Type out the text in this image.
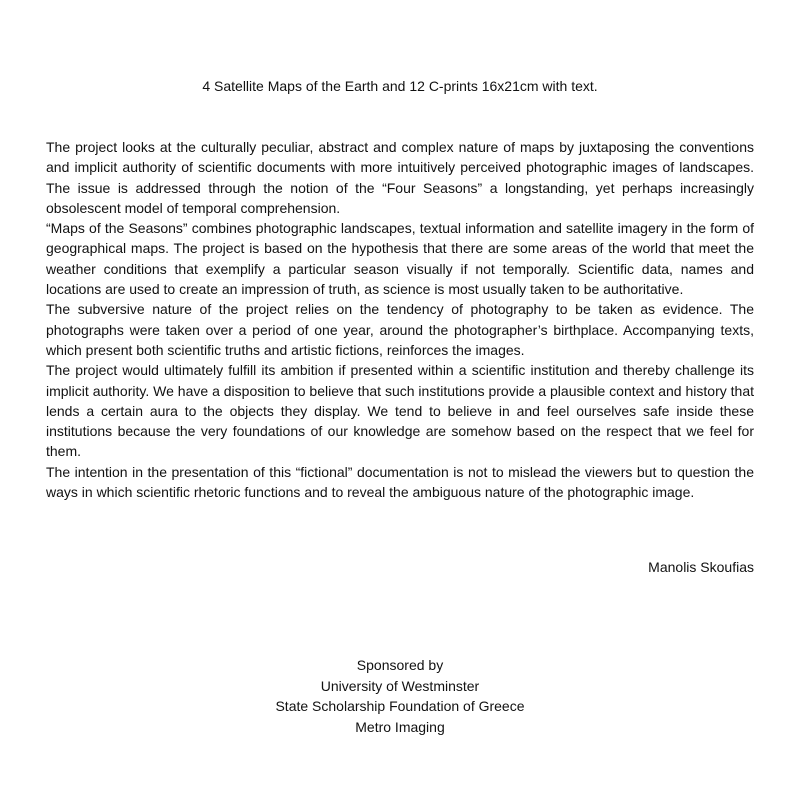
4 Satellite Maps of the Earth and 12 C-prints 16x21cm with text.

The project looks at the culturally peculiar, abstract and complex nature of maps by juxtaposing the conventions and implicit authority of scientific documents with more intuitively perceived photographic images of landscapes. The issue is addressed through the notion of the “Four Seasons” a longstanding, yet perhaps increasingly obsolescent model of temporal comprehension.

“Maps of the Seasons” combines photographic landscapes, textual information and satellite imagery in the form of geographical maps. The project is based on the hypothesis that there are some areas of the world that meet the weather conditions that exemplify a particular season visually if not temporally. Scientific data, names and locations are used to create an impression of truth, as science is most usually taken to be authoritative.

The subversive nature of the project relies on the tendency of photography to be taken as evidence. The photographs were taken over a period of one year, around the photographer’s birthplace. Accompanying texts, which present both scientific truths and artistic fictions, reinforces the images.

The project would ultimately fulfill its ambition if presented within a scientific institution and thereby challenge its implicit authority. We have a disposition to believe that such institutions provide a plausible context and history that lends a certain aura to the objects they display. We tend to believe in and feel ourselves safe inside these institutions because the very foundations of our knowledge are somehow based on the respect that we feel for them.

The intention in the presentation of this “fictional” documentation is not to mislead the viewers but to question the ways in which scientific rhetoric functions and to reveal the ambiguous nature of the photographic image.

Manolis Skoufias
Sponsored by
University of Westminster
State Scholarship Foundation of Greece
Metro Imaging
